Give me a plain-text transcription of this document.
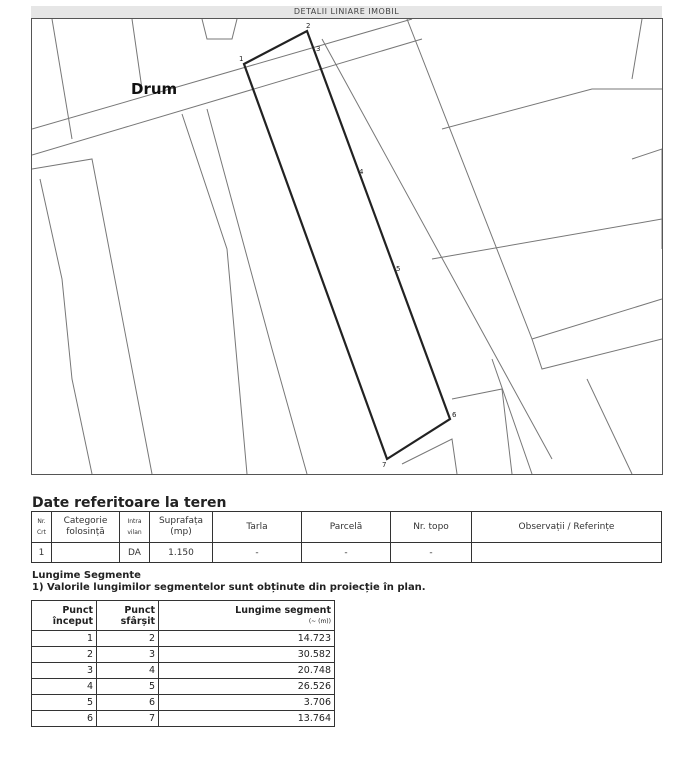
DETALII LINIARE IMOBIL
1
2
3
4
5
6
7
Drum
Date referitoare la teren
Nr. Crt	Categorie folosință	Intra vilan	Suprafața (mp)	Tarla	Parcelă	Nr. topo	Observații / Referințe
1		DA	1.150	-	-	-	
Lungime Segmente
1) Valorile lungimilor segmentelor sunt obținute din proiecție în plan.
Punct început	Punct sfârșit	Lungime segment
(~ (m))

1	2	14.723
2	3	30.582
3	4	20.748
4	5	26.526
5	6	3.706
6	7	13.764
